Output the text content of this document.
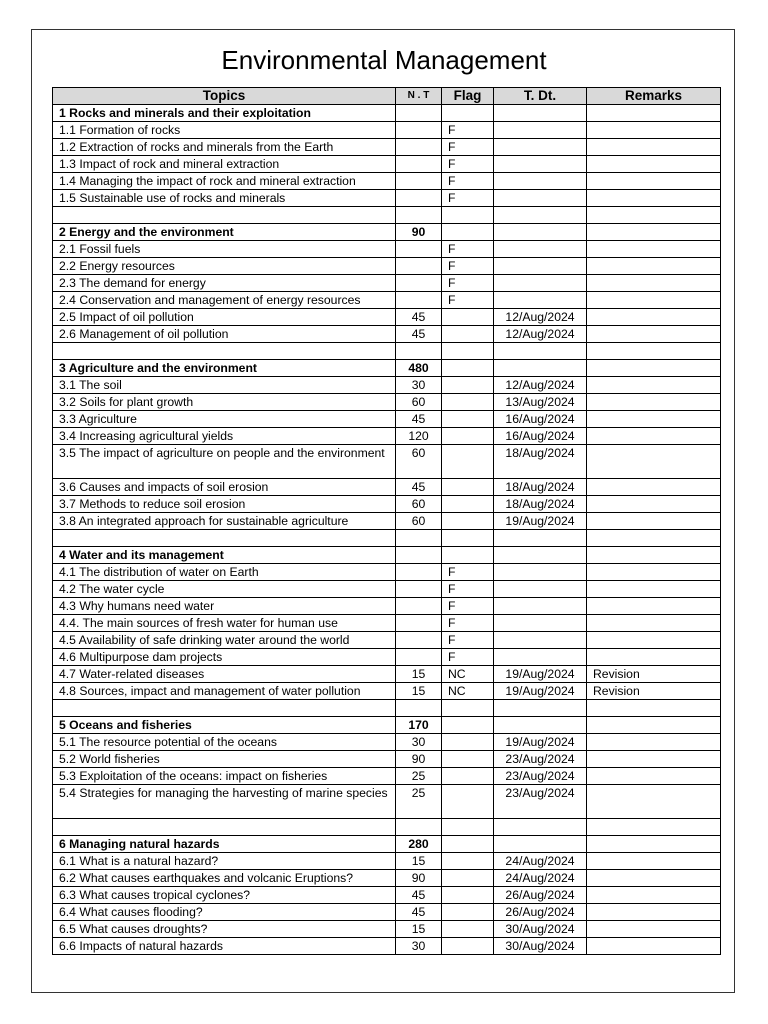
Environmental Management
Topics	N . T	Flag	T. Dt.	Remarks
1 Rocks and minerals and their exploitation				
1.1 Formation of rocks		F		
1.2 Extraction of rocks and minerals from the Earth		F		
1.3 Impact of rock and mineral extraction		F		
1.4 Managing the impact of rock and mineral extraction		F		
1.5 Sustainable use of rocks and minerals		F		

2 Energy and the environment	90			
2.1 Fossil fuels		F		
2.2 Energy resources		F		
2.3 The demand for energy		F		
2.4 Conservation and management of energy resources		F		
2.5 Impact of oil pollution	45		12/Aug/2024	
2.6 Management of oil pollution	45		12/Aug/2024	

3 Agriculture and the environment	480			
3.1 The soil	30		12/Aug/2024	
3.2 Soils for plant growth	60		13/Aug/2024	
3.3 Agriculture	45		16/Aug/2024	
3.4 Increasing agricultural yields	120		16/Aug/2024	
3.5 The impact of agriculture on people and the environment	60		18/Aug/2024	
3.6 Causes and impacts of soil erosion	45		18/Aug/2024	
3.7 Methods to reduce soil erosion	60		18/Aug/2024	
3.8 An integrated approach for sustainable agriculture	60		19/Aug/2024	

4 Water and its management				
4.1 The distribution of water on Earth		F		
4.2 The water cycle		F		
4.3 Why humans need water		F		
4.4. The main sources of fresh water for human use		F		
4.5 Availability of safe drinking water around the world		F		
4.6 Multipurpose dam projects		F		
4.7 Water-related diseases	15	NC	19/Aug/2024	Revision
4.8 Sources, impact and management of water pollution	15	NC	19/Aug/2024	Revision

5 Oceans and fisheries	170			
5.1 The resource potential of the oceans	30		19/Aug/2024	
5.2 World fisheries	90		23/Aug/2024	
5.3 Exploitation of the oceans: impact on fisheries	25		23/Aug/2024	
5.4 Strategies for managing the harvesting of marine species	25		23/Aug/2024	

6 Managing natural hazards	280			
6.1 What is a natural hazard?	15		24/Aug/2024	
6.2 What causes earthquakes and volcanic Eruptions?	90		24/Aug/2024	
6.3 What causes tropical cyclones?	45		26/Aug/2024	
6.4 What causes flooding?	45		26/Aug/2024	
6.5 What causes droughts?	15		30/Aug/2024	
6.6 Impacts of natural hazards	30		30/Aug/2024	
